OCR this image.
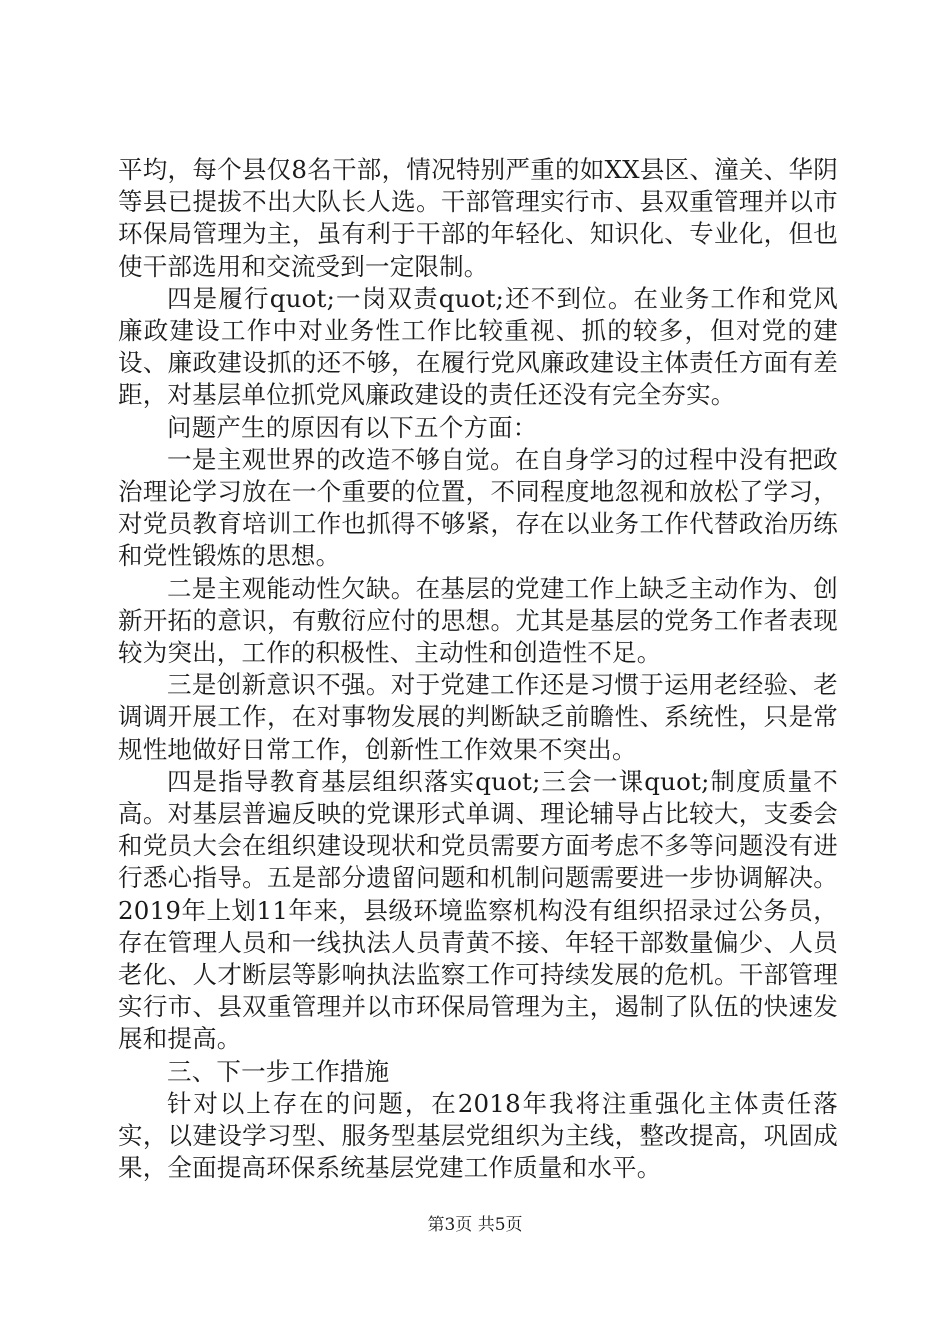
平均，每个县仅8名干部，情况特别严重的如XX县区、潼关、华阴等县已提拔不出大队长人选。干部管理实行市、县双重管理并以市环保局管理为主，虽有利于干部的年轻化、知识化、专业化，但也使干部选用和交流受到一定限制。

四是履行quot;一岗双责quot;还不到位。在业务工作和党风廉政建设工作中对业务性工作比较重视、抓的较多，但对党的建设、廉政建设抓的还不够，在履行党风廉政建设主体责任方面有差距，对基层单位抓党风廉政建设的责任还没有完全夯实。

问题产生的原因有以下五个方面：

一是主观世界的改造不够自觉。在自身学习的过程中没有把政治理论学习放在一个重要的位置，不同程度地忽视和放松了学习，对党员教育培训工作也抓得不够紧，存在以业务工作代替政治历练和党性锻炼的思想。

二是主观能动性欠缺。在基层的党建工作上缺乏主动作为、创新开拓的意识，有敷衍应付的思想。尤其是基层的党务工作者表现较为突出，工作的积极性、主动性和创造性不足。

三是创新意识不强。对于党建工作还是习惯于运用老经验、老调调开展工作，在对事物发展的判断缺乏前瞻性、系统性，只是常规性地做好日常工作，创新性工作效果不突出。

四是指导教育基层组织落实quot;三会一课quot;制度质量不高。对基层普遍反映的党课形式单调、理论辅导占比较大，支委会和党员大会在组织建设现状和党员需要方面考虑不多等问题没有进行悉心指导。五是部分遗留问题和机制问题需要进一步协调解决。2019年上划11年来，县级环境监察机构没有组织招录过公务员，存在管理人员和一线执法人员青黄不接、年轻干部数量偏少、人员老化、人才断层等影响执法监察工作可持续发展的危机。干部管理实行市、县双重管理并以市环保局管理为主，遏制了队伍的快速发展和提高。

三、下一步工作措施

针对以上存在的问题，在2018年我将注重强化主体责任落实，以建设学习型、服务型基层党组织为主线，整改提高，巩固成果，全面提高环保系统基层党建工作质量和水平。

第3页 共5页
